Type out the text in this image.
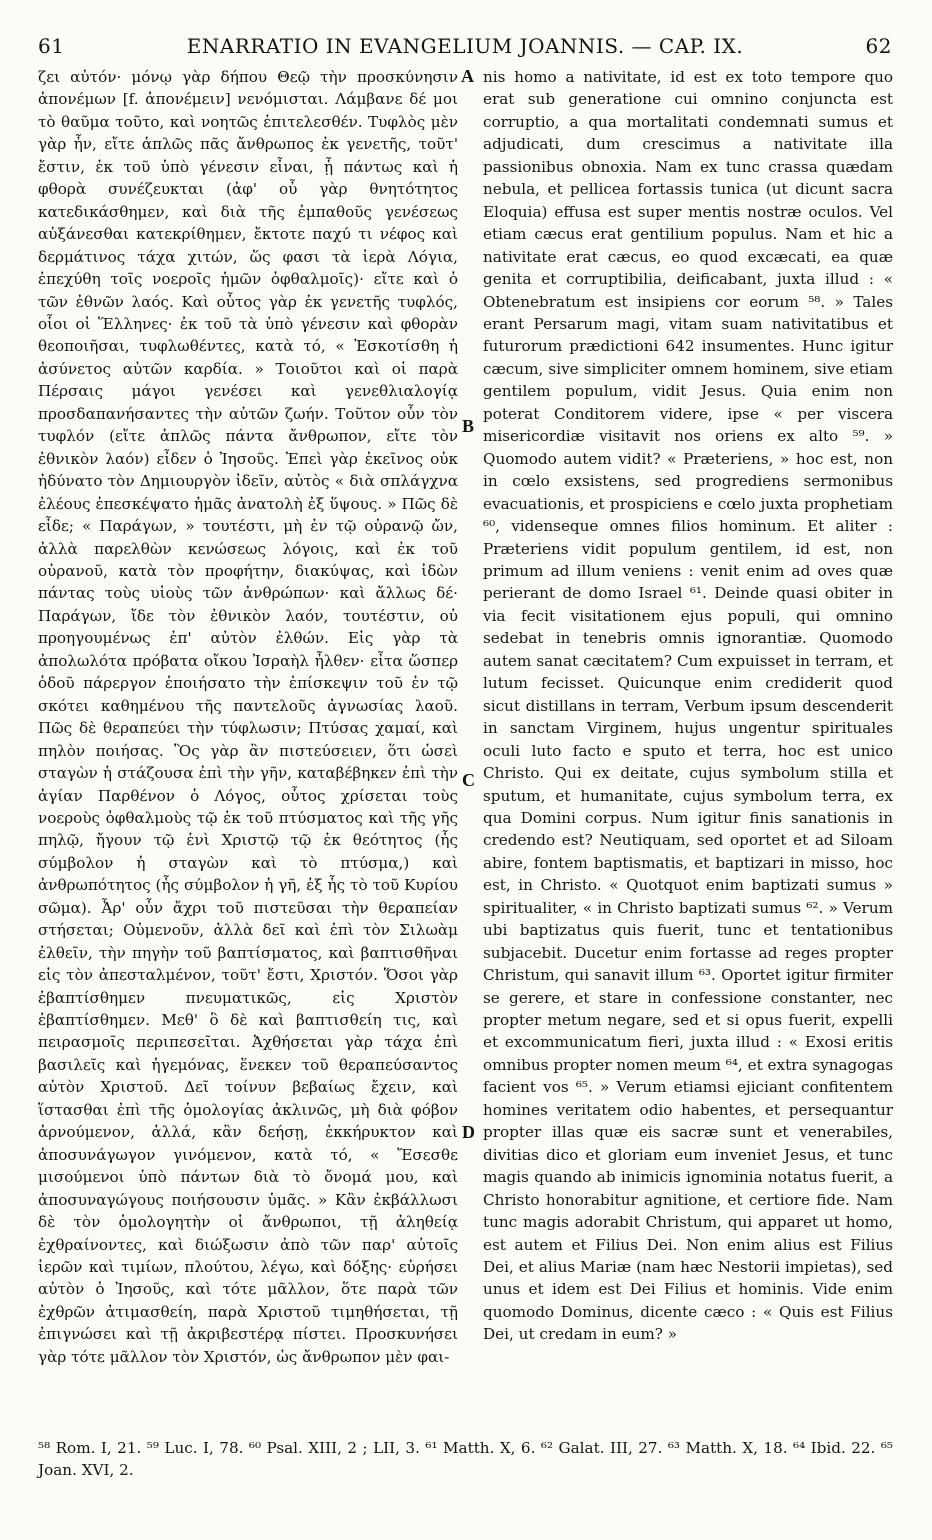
61	ENARRATIO IN EVANGELIUM JOANNIS. — CAP. IX.	62

ζει αὐτόν· μόνῳ γὰρ δήπου Θεῷ τὴν προσκύνησιν ἀπονέμων [f. ἀπονέμειν] νενόμισται. Λάμβανε δέ μοι τὸ θαῦμα τοῦτο, καὶ νοητῶς ἐπιτελεσθέν. Τυφλὸς μὲν γὰρ ἦν, εἴτε ἁπλῶς πᾶς ἄνθρωπος ἐκ γενετῆς, τοῦτ' ἔστιν, ἐκ τοῦ ὑπὸ γένεσιν εἶναι, ᾗ πάντως καὶ ἡ φθορὰ συνέζευκται (ἀφ' οὗ γὰρ θνητότητος κατεδικάσθημεν, καὶ διὰ τῆς ἐμπαθοῦς γενέσεως αὐξάνεσθαι κατεκρίθημεν, ἔκτοτε παχύ τι νέφος καὶ δερμάτινος τάχα χιτών, ὥς φασι τὰ ἱερὰ Λόγια, ἐπεχύθη τοῖς νοεροῖς ἡμῶν ὀφθαλμοῖς)· εἴτε καὶ ὁ τῶν ἐθνῶν λαός. Καὶ οὗτος γὰρ ἐκ γενετῆς τυφλός, οἷοι οἱ Ἕλληνες· ἐκ τοῦ τὰ ὑπὸ γένεσιν καὶ φθορὰν θεοποιῆσαι, τυφλωθέντες, κατὰ τό, « Ἐσκοτίσθη ἡ ἀσύνετος αὐτῶν καρδία. » Τοιοῦτοι καὶ οἱ παρὰ Πέρσαις μάγοι γενέσει καὶ γενεθλιαλογίᾳ προσδαπανήσαντες τὴν αὐτῶν ζωήν. Τοῦτον οὖν τὸν τυφλόν (εἴτε ἁπλῶς πάντα ἄνθρωπον, εἴτε τὸν ἐθνικὸν λαόν) εἶδεν ὁ Ἰησοῦς. Ἐπεὶ γὰρ ἐκεῖνος οὐκ ἠδύνατο τὸν Δημιουργὸν ἰδεῖν, αὐτὸς « διὰ σπλάγχνα ἐλέους ἐπεσκέψατο ἡμᾶς ἀνατολὴ ἐξ ὕψους. » Πῶς δὲ εἶδε; « Παράγων, » τουτέστι, μὴ ἐν τῷ οὐρανῷ ὤν, ἀλλὰ παρελθὼν κενώσεως λόγοις, καὶ ἐκ τοῦ οὐρανοῦ, κατὰ τὸν προφήτην, διακύψας, καὶ ἰδὼν πάντας τοὺς υἱοὺς τῶν ἀνθρώπων· καὶ ἄλλως δέ· Παράγων, ἴδε τὸν ἐθνικὸν λαόν, τουτέστιν, οὐ προηγουμένως ἐπ' αὐτὸν ἐλθών. Εἰς γὰρ τὰ ἀπολωλότα πρόβατα οἴκου Ἰσραὴλ ἦλθεν· εἶτα ὥσπερ ὁδοῦ πάρεργον ἐποιήσατο τὴν ἐπίσκεψιν τοῦ ἐν τῷ σκότει καθημένου τῆς παντελοῦς ἀγνωσίας λαοῦ. Πῶς δὲ θεραπεύει τὴν τύφλωσιν; Πτύσας χαμαί, καὶ πηλὸν ποιήσας. Ὃς γὰρ ἂν πιστεύσειεν, ὅτι ὡσεὶ σταγὼν ἡ στάζουσα ἐπὶ τὴν γῆν, καταβέβηκεν ἐπὶ τὴν ἁγίαν Παρθένον ὁ Λόγος, οὗτος χρίσεται τοὺς νοεροὺς ὀφθαλμοὺς τῷ ἐκ τοῦ πτύσματος καὶ τῆς γῆς πηλῷ, ἤγουν τῷ ἑνὶ Χριστῷ τῷ ἐκ θεότητος (ἧς σύμβολον ἡ σταγὼν καὶ τὸ πτύσμα,) καὶ ἀνθρωπότητος (ἧς σύμβολον ἡ γῆ, ἐξ ἧς τὸ τοῦ Κυρίου σῶμα). Ἆρ' οὖν ἄχρι τοῦ πιστεῦσαι τὴν θεραπείαν στήσεται; Οὐμενοῦν, ἀλλὰ δεῖ καὶ ἐπὶ τὸν Σιλωὰμ ἐλθεῖν, τὴν πηγὴν τοῦ βαπτίσματος, καὶ βαπτισθῆναι εἰς τὸν ἀπεσταλμένον, τοῦτ' ἔστι, Χριστόν. Ὅσοι γὰρ ἐβαπτίσθημεν πνευματικῶς, εἰς Χριστὸν ἐβαπτίσθημεν. Μεθ' ὃ δὲ καὶ βαπτισθείη τις, καὶ πειρασμοῖς περιπεσεῖται. Ἀχθήσεται γὰρ τάχα ἐπὶ βασιλεῖς καὶ ἡγεμόνας, ἕνεκεν τοῦ θεραπεύσαντος αὐτὸν Χριστοῦ. Δεῖ τοίνυν βεβαίως ἔχειν, καὶ ἵστασθαι ἐπὶ τῆς ὁμολογίας ἀκλινῶς, μὴ διὰ φόβον ἀρνούμενον, ἀλλά, κἂν δεήσῃ, ἐκκήρυκτον καὶ ἀποσυνάγωγον γινόμενον, κατὰ τό, « Ἔσεσθε μισούμενοι ὑπὸ πάντων διὰ τὸ ὄνομά μου, καὶ ἀποσυναγώγους ποιήσουσιν ὑμᾶς. » Κἂν ἐκβάλλωσι δὲ τὸν ὁμολογητὴν οἱ ἄνθρωποι, τῇ ἀληθείᾳ ἐχθραίνοντες, καὶ διώξωσιν ἀπὸ τῶν παρ' αὐτοῖς ἱερῶν καὶ τιμίων, πλούτου, λέγω, καὶ δόξης· εὑρήσει αὐτὸν ὁ Ἰησοῦς, καὶ τότε μᾶλλον, ὅτε παρὰ τῶν ἐχθρῶν ἀτιμασθείη, παρὰ Χριστοῦ τιμηθήσεται, τῇ ἐπιγνώσει καὶ τῇ ἀκριβεστέρᾳ πίστει. Προσκυνήσει γὰρ τότε μᾶλλον τὸν Χριστόν, ὡς ἄνθρωπον μὲν φαι-

A
B
C
D

nis homo a nativitate, id est ex toto tempore quo erat sub generatione cui omnino conjuncta est corruptio, a qua mortalitati condemnati sumus et adjudicati, dum crescimus a nativitate illa passionibus obnoxia. Nam ex tunc crassa quædam nebula, et pellicea fortassis tunica (ut dicunt sacra Eloquia) effusa est super mentis nostræ oculos. Vel etiam cæcus erat gentilium populus. Nam et hic a nativitate erat cæcus, eo quod excæcati, ea quæ genita et corruptibilia, deificabant, juxta illud : « Obtenebratum est insipiens cor eorum ⁵⁸. » Tales erant Persarum magi, vitam suam nativitatibus et futurorum prædictioni 642 insumentes. Hunc igitur cæcum, sive simpliciter omnem hominem, sive etiam gentilem populum, vidit Jesus. Quia enim non poterat Conditorem videre, ipse « per viscera misericordiæ visitavit nos oriens ex alto ⁵⁹. » Quomodo autem vidit? « Præteriens, » hoc est, non in cœlo exsistens, sed progrediens sermonibus evacuationis, et prospiciens e cœlo juxta prophetiam ⁶⁰, videnseque omnes filios hominum. Et aliter : Præteriens vidit populum gentilem, id est, non primum ad illum veniens : venit enim ad oves quæ perierant de domo Israel ⁶¹. Deinde quasi obiter in via fecit visitationem ejus populi, qui omnino sedebat in tenebris omnis ignorantiæ. Quomodo autem sanat cæcitatem? Cum expuisset in terram, et lutum fecisset. Quicunque enim crediderit quod sicut distillans in terram, Verbum ipsum descenderit in sanctam Virginem, hujus ungentur spirituales oculi luto facto e sputo et terra, hoc est unico Christo. Qui ex deitate, cujus symbolum stilla et sputum, et humanitate, cujus symbolum terra, ex qua Domini corpus. Num igitur finis sanationis in credendo est? Neutiquam, sed oportet et ad Siloam abire, fontem baptismatis, et baptizari in misso, hoc est, in Christo. « Quotquot enim baptizati sumus » spiritualiter, « in Christo baptizati sumus ⁶². » Verum ubi baptizatus quis fuerit, tunc et tentationibus subjacebit. Ducetur enim fortasse ad reges propter Christum, qui sanavit illum ⁶³. Oportet igitur firmiter se gerere, et stare in confessione constanter, nec propter metum negare, sed et si opus fuerit, expelli et excommunicatum fieri, juxta illud : « Exosi eritis omnibus propter nomen meum ⁶⁴, et extra synagogas facient vos ⁶⁵. » Verum etiamsi ejiciant confitentem homines veritatem odio habentes, et persequantur propter illas quæ eis sacræ sunt et venerabiles, divitias dico et gloriam eum inveniet Jesus, et tunc magis quando ab inimicis ignominia notatus fuerit, a Christo honorabitur agnitione, et certiore fide. Nam tunc magis adorabit Christum, qui apparet ut homo, est autem et Filius Dei. Non enim alius est Filius Dei, et alius Mariæ (nam hæc Nestorii impietas), sed unus et idem est Dei Filius et hominis. Vide enim quomodo Dominus, dicente cæco : « Quis est Filius Dei, ut credam in eum? »

⁵⁸ Rom. I, 21. ⁵⁹ Luc. I, 78. ⁶⁰ Psal. XIII, 2 ; LII, 3. ⁶¹ Matth. X, 6. ⁶² Galat. III, 27. ⁶³ Matth. X, 18. ⁶⁴ Ibid. 22. ⁶⁵ Joan. XVI, 2.
